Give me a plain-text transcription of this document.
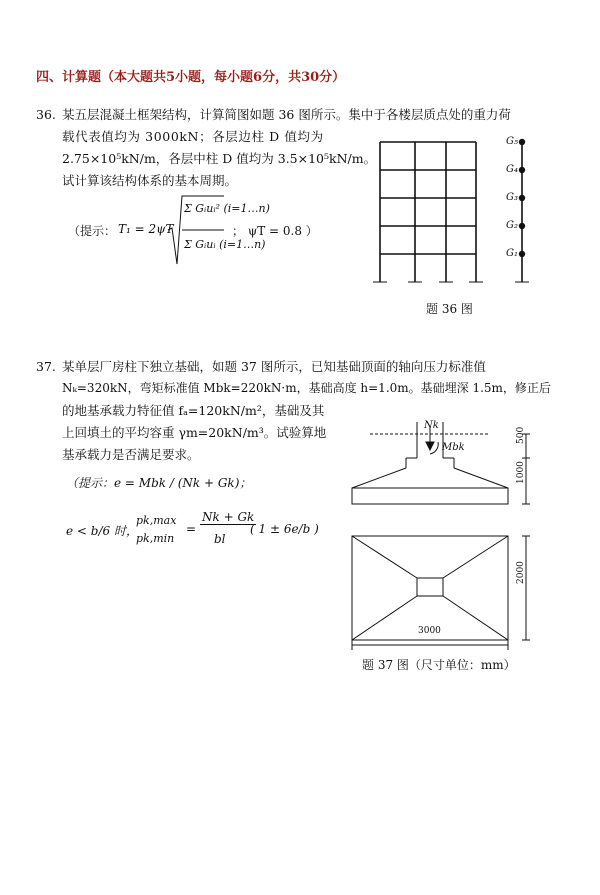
四、计算题（本大题共5小题，每小题6分，共30分）
36. 某五层混凝土框架结构，计算简图如题 36 图所示。集中于各楼层质点处的重力荷
载代表值均为 3000kN；各层边柱 D 值均为
2.75×10⁵kN/m，各层中柱 D 值均为 3.5×10⁵kN/m。
试计算该结构体系的基本周期。
（提示： T₁ = 2ψT
Σ Gᵢuᵢ² (i=1…n)
Σ Gᵢuᵢ (i=1…n)
； ψT = 0.8 ）
G₅
G₄
G₃
G₂
G₁
题 36 图
37. 某单层厂房柱下独立基础，如题 37 图所示，已知基础顶面的轴向压力标准值
Nₖ=320kN，弯矩标准值 Mbk=220kN·m，基础高度 h=1.0m。基础埋深 1.5m，修正后
的地基承载力特征值 fₐ=120kN/m²，基础及其
上回填土的平均容重 γm=20kN/m³。试验算地
基承载力是否满足要求。
（提示：e = Mbk / (Nk + Gk)；
e < b/6 时，
pk,max
pk,min
=
Nk + Gk
bl
( 1 ± 6e/b )
Nk
Mbk
500
1000
2000
3000
题 37 图（尺寸单位：mm）
